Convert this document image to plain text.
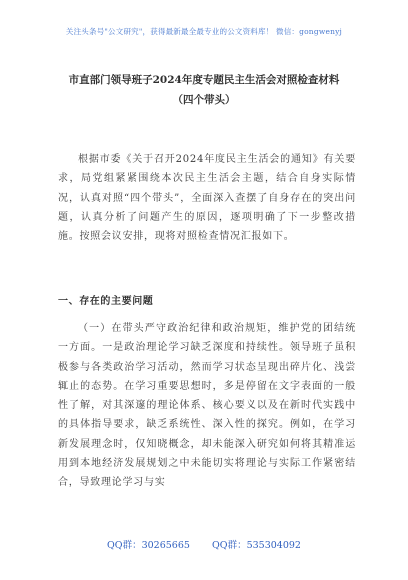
关注头条号"公文研究"，获得最新最全最专业的公文资料库！ 微信：gongwenyj
市直部门领导班子2024年度专题民主生活会对照检查材料
（四个带头）

根据市委《关于召开2024年度民主生活会的通知》有关要求，局党组紧紧围绕本次民主生活会主题，结合自身实际情况，认真对照“四个带头”，全面深入查摆了自身存在的突出问题，认真分析了问题产生的原因，逐项明确了下一步整改措施。按照会议安排，现将对照检查情况汇报如下。

一、存在的主要问题

（一）在带头严守政治纪律和政治规矩，维护党的团结统一方面。一是政治理论学习缺乏深度和持续性。领导班子虽积极参与各类政治学习活动，然而学习状态呈现出碎片化、浅尝辄止的态势。在学习重要思想时，多是停留在文字表面的一般性了解，对其深邃的理论体系、核心要义以及在新时代实践中的具体指导要求，缺乏系统性、深入性的探究。例如，在学习新发展理念时，仅知晓概念，却未能深入研究如何将其精准运用到本地经济发展规划之中未能切实将理论与实际工作紧密结合，导致理论学习与实

QQ群：30265665 QQ群：535304092
